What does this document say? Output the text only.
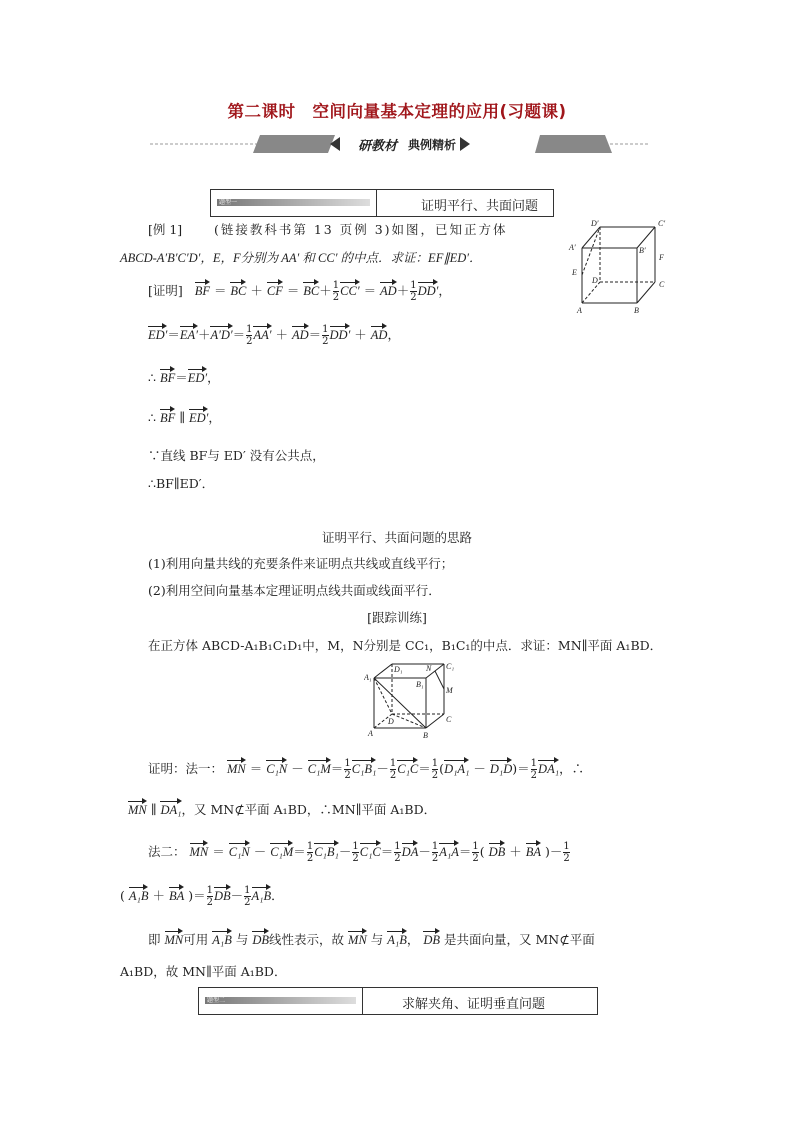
第二课时　空间向量基本定理的应用(习题课)
研教材 典例精析
题型一	证明平行、共面问题
[例 1]	(链接教科书第 13 页例 3)如图，已知正方体
ABCD-A′B′C′D′，E，F分别为 AA′ 和 CC′ 的中点．求证：EF∥ED′．
[证明] BF ＝ BC ＋ CF ＝ $BC+ \frac{1}{2} CC' = AD+ \frac{1}{2} DD'$，
$ED'=EA'+A'D'= \frac{1}{2} AA' + AD= \frac{1}{2} DD'$ ＋ AD，
∴ BF＝ED′，
∴ BF ∥ ED′，
∵直线 BF与 ED′ 没有公共点，
∴BF∥ED′．
D′	C′
A′	B′
E
F
D	C
A	B
证明平行、共面问题的思路
(1)利用向量共线的充要条件来证明点共线或直线平行；
(2)利用空间向量基本定理证明点线共面或线面平行．
[跟踪训练]
在正方体 ABCD-A₁B₁C₁D₁中，M，N分别是 CC₁，B₁C₁的中点．求证：MN∥平面 A₁BD．
A₁
D₁	N C₁
B₁
M
D
A	B
C
证明：法一： MN ＝ $C_1N - C_1M= \frac{1}{2} C_1B_1- \frac{1}{2} C_1C= \frac{1}{2} (D_1A_1 - D_1D)= \frac{1}{2} DA_1$，∴
MN ∥ DA₁，又 MN⊄平面 A₁BD，∴MN∥平面 A₁BD．
法二： MN ＝ $C_1N - C_1M= \frac{1}{2} C_1B_1- \frac{1}{2} C_1C= \frac{1}{2} DA- \frac{1}{2} A_1A= \frac{1}{2}$ ( DB ＋ BA )－ $\frac{1}{2}$
( A₁B ＋ BA )＝ $\frac{1}{2} DB- \frac{1}{2} A_1B$．
即 MN可用 A₁B 与 DB线性表示，故 MN 与 A₁B， DB 是共面向量，又 MN⊄平面
A₁BD，故 MN∥平面 A₁BD．
题型二	求解夹角、证明垂直问题
